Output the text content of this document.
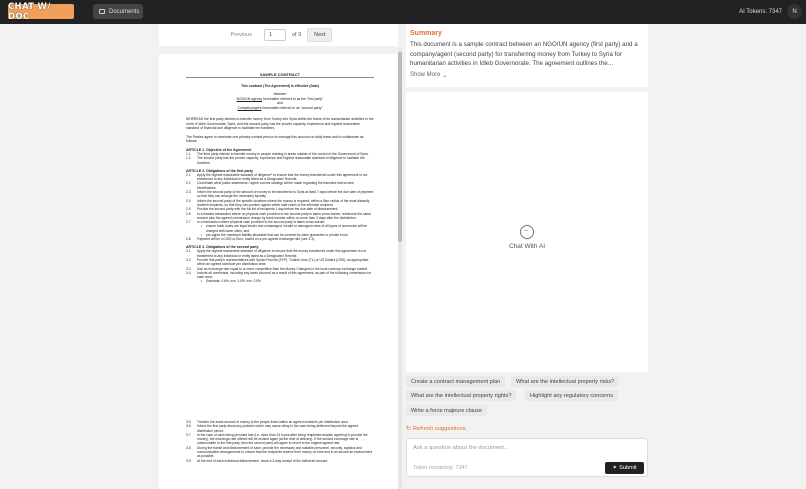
CHAT W/ DOC	Documents	AI Tokens: 7347	N
Previous	1	of 3	Next
SAMPLE CONTRACT
This contract (The Agreement) is effective (Date)
between
NGO/UN agency hereinafter referred to as the "first party"
and
Company/agent hereinafter referred to as "second party"
WHEREAS the first party desires to transfer money from Turkey into Syria within the frame of its humanitarian activities in the north of Idleb Governorate, Syria, and the second party has the proven capacity, experience and highest reasonable standard of financial due diligence to facilitate the transfers.
The Parties agree to nominate one primary contact person to manage this account on daily basis and to collaborate as follows:
ARTICLE 1. Objective of the Agreement
1.1	The third party intends to transfer money to people residing in areas outside of the control of the Government of Syria.
1.2	The second party has the proven capacity, experience and highest reasonable standard of diligence to facilitate the transfers.
ARTICLE 2. Obligations of the first party
2.1	Apply the highest reasonable standard of diligence* to ensure that the money transferred under this agreement is not transferred to any individual or entity listed as a Designated Terrorist.
2.2	Coordinate what public statements / agree comms strategy will be made regarding the transfers that involve beneficiaries.
2.3	Inform the second party of the amount of money to be transferred to Syria at least 7 days before the due date of payment so that they can arrange the necessary liquidity.
2.4	Inform the second party of the specific locations where the money is required, within a 5km radius of the most distantly located recipients, so that they can position agents within safe reach of the intended recipient.
2.5	Provide the second party with the full list of recipients 1 day before the due date of disbursement.
2.6	In a hawala transaction where no physical cash provided to the second party is taken cross-border, reimburse the same amount plus the agreed commission charge by bank transfer within no more than 3 days after the distribution.
2.7	In a transaction where physical cash provided to the second party is taken cross-border:
• ensure bank notes are legal tender and undamaged. Invalid or damaged notes of all types of currencies will be charged with lower rates; and
• pre-agree the maximum liability allowable that can be covered by bank guarantee or private bond.
2.8	Payment will be in USD or Euro, based on a pre-agreed exchange rate (see 3.3).
ARTICLE 3. Obligations of the second party
3.1	Apply the highest reasonable standard of diligence to ensure that the money transferred under this agreement is not transferred to any individual or entity listed as a Designated Terrorist.
3.2	Provide first party's representatives with Syrian Pounds (SYP), Turkish Liras (TL) or US Dollars (USD), as appropriate, within an agreed schedule per distribution area.
3.3	Use an exchange rate equal to or more competitive than the Money Changers in the local currency exchange market.
3.4	Include all overheads, including any taxes incurred as a result of this agreement, as part of the following commission for each area:
• Sarmada: 0.6%; xxx: 1.0%; xxx: 2.5%
3.5	Transfer the exact amount of money to the people listed within an agreed schedule per distribution area.
3.6	Inform the first party about any problem which may cause delay in the cash being delivered beyond the agreed distribution period.
3.7	In the case of cash being provided late (i.e. more than 24 hours after being requested despite agreeing to provide the money), the exchange rate offered will be revised again (at the time of delivery). If the second exchange rate is unfavourable to the first party, then the second party will agree to revert to the original agreed rate.
3.8	During the transit and disbursement of cash, provide the necessary and suitable personnel, security, logistics and communication arrangements to ensure that the recipients receive their money on time and in as secure an environment as possible.
3.9	At the end of each individual disbursement, issue a 3-way receipt of the delivered amount
Summary

This document is a sample contract between an NGO/UN agency (first party) and a company/agent (second party) for transferring money from Turkey to Syria for humanitarian activities in Idleb Governorate. The agreement outlines the…

Show More ⌄
–
Chat With AI
Create a contract management plan	What are the intellectual property risks?
What are the intellectual property rights?	Highlight any regulatory concerns
Write a force majeure clause
↻ Refresh suggestions
Ask a question about the document...
Token remaining: 7347	✦ Submit
